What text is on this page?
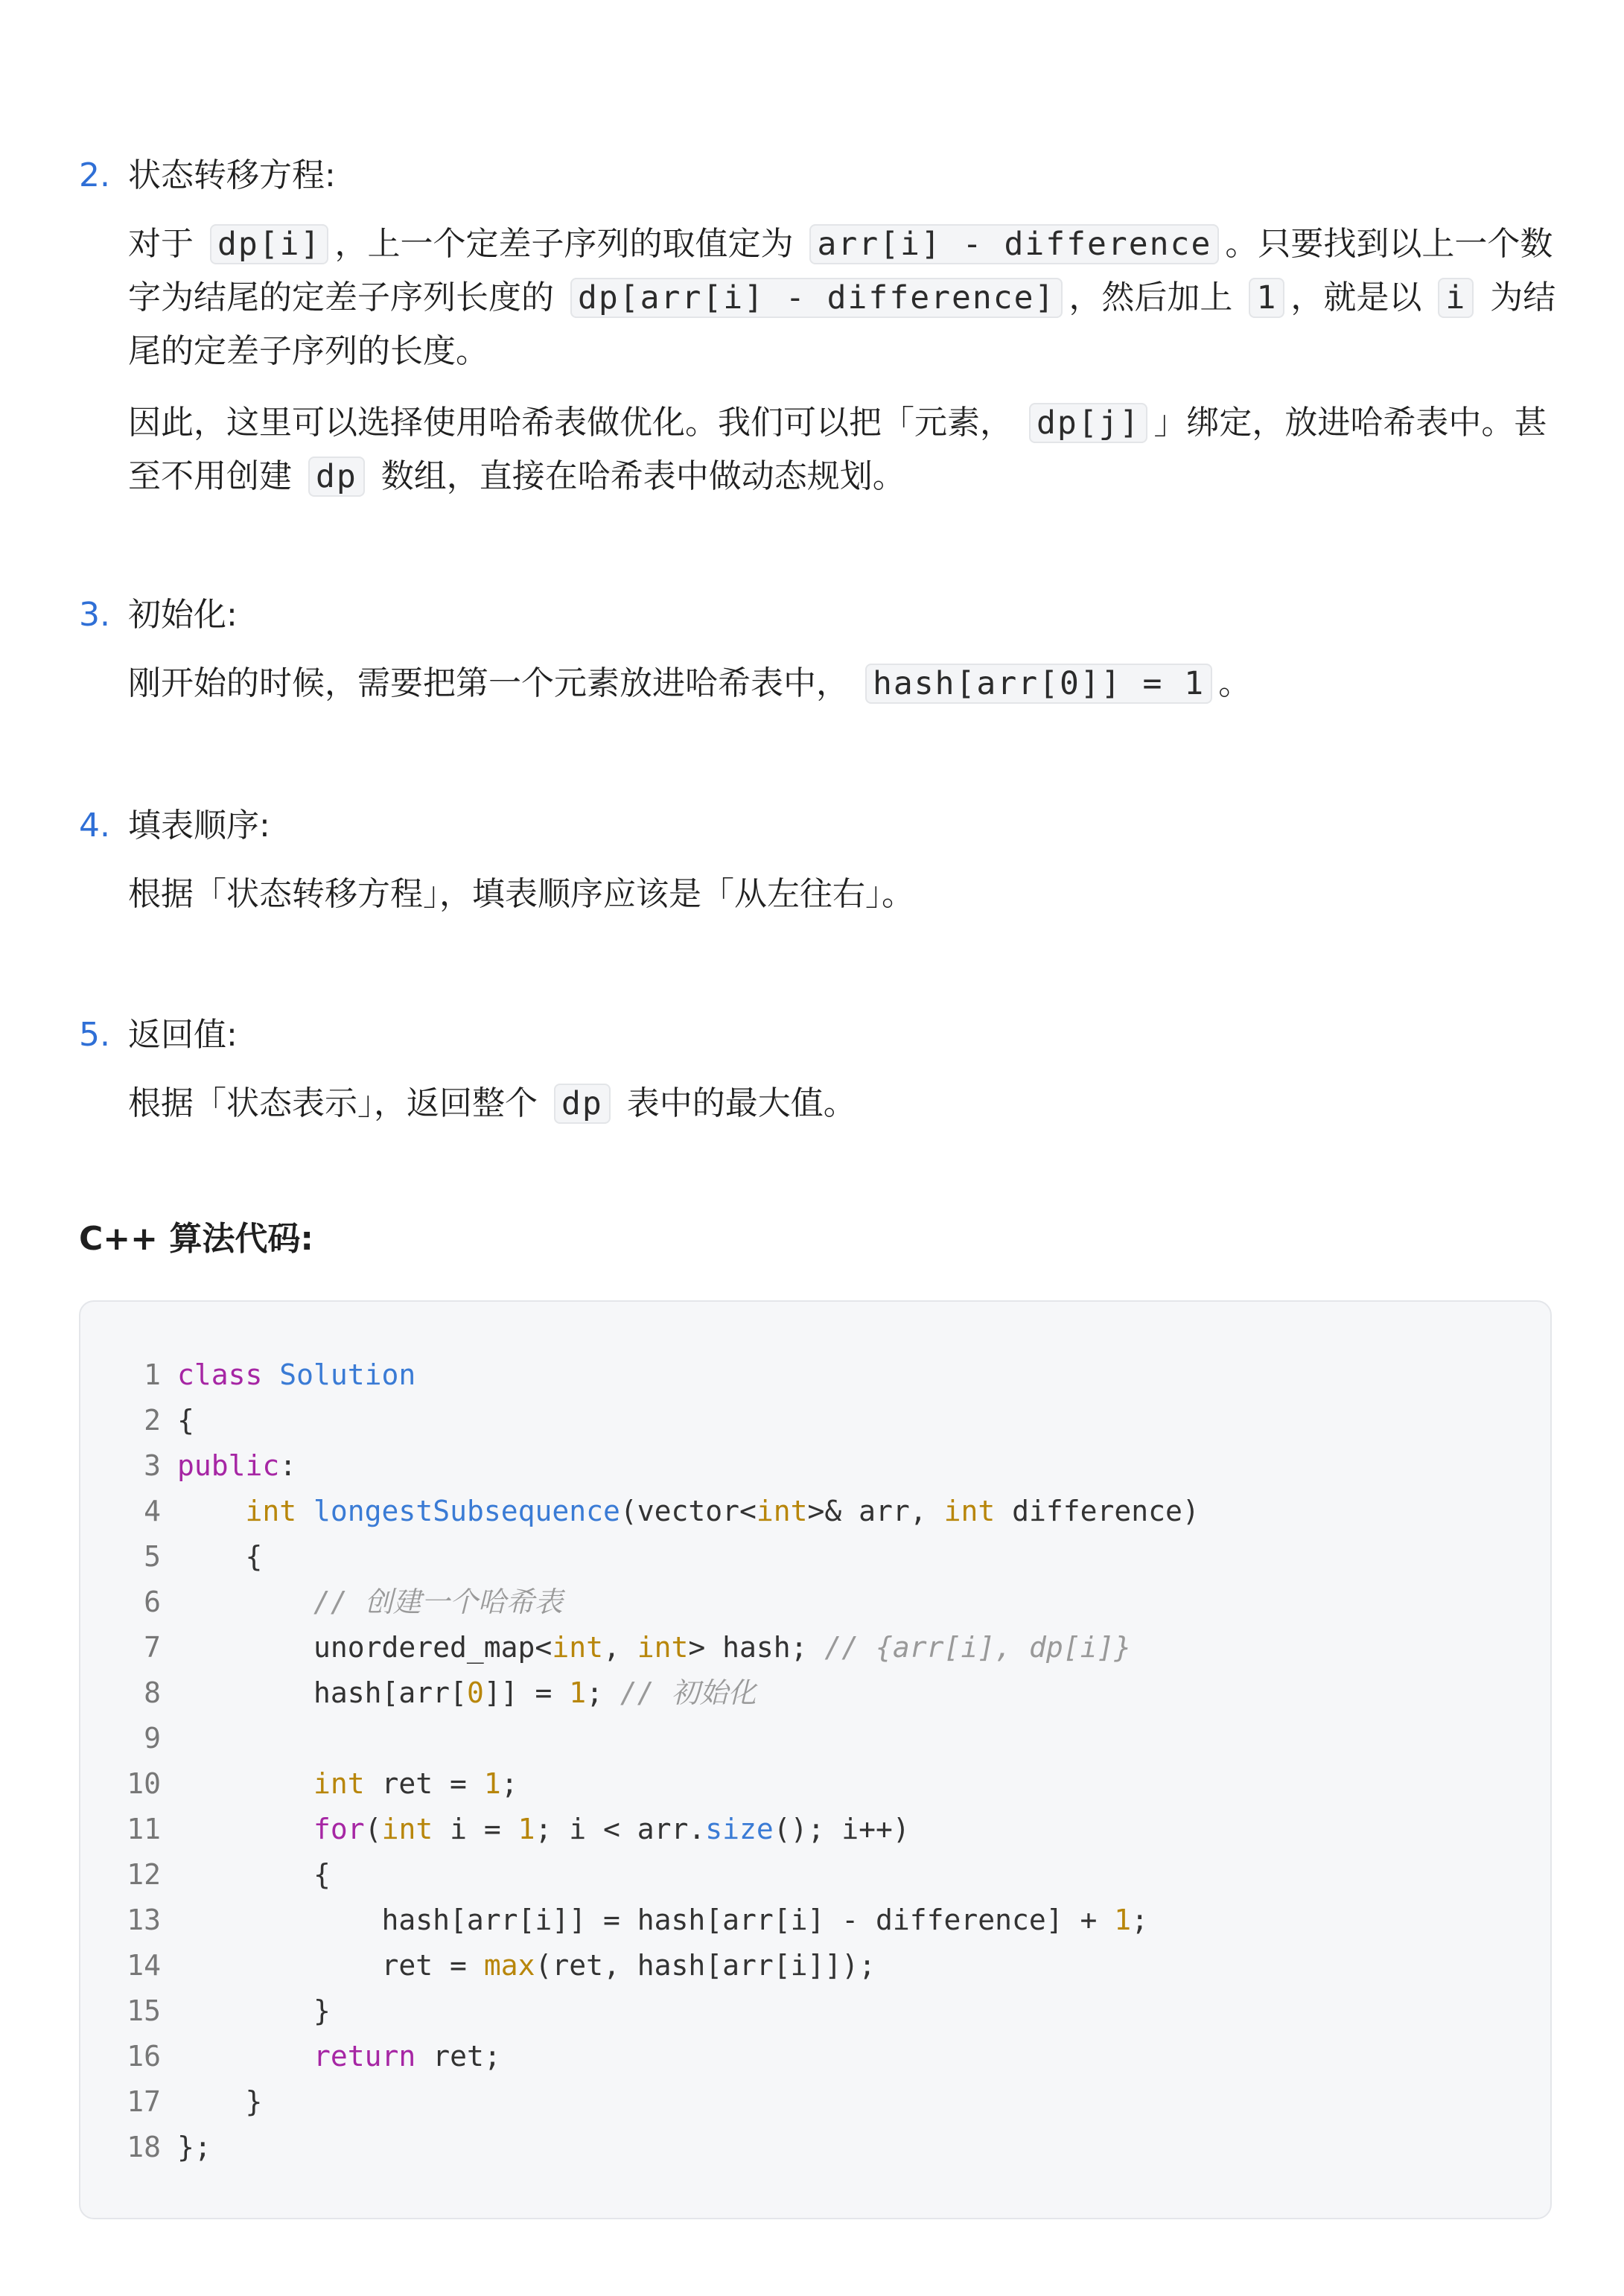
2. 状态转移方程:
对于 dp[i] ，上一个定差子序列的取值定为 arr[i] - difference 。只要找到以上一个数字为结尾的定差子序列长度的 dp[arr[i] - difference] ，然后加上 1 ，就是以 i 为结尾的定差子序列的长度。
因此，这里可以选择使用哈希表做优化。我们可以把「元素， dp[j] 」绑定，放进哈希表中。甚至不用创建 dp 数组，直接在哈希表中做动态规划。
3. 初始化:
刚开始的时候，需要把第一个元素放进哈希表中， hash[arr[0]] = 1 。
4. 填表顺序:
根据「状态转移方程」，填表顺序应该是「从左往右」。
5. 返回值:
根据「状态表示」，返回整个 dp 表中的最大值。
C++ 算法代码:
1 class Solution
2 {
3 public:
4	int longestSubsequence(vector<int>& arr, int difference)
5    {
6	// 创建一个哈希表
7        unordered_map<int, int> hash; // {arr[i], dp[i]}
8        hash[arr[0]] = 1; // 初始化
9
10	int ret = 1;
11	for(int i = 1; i < arr.size(); i++)
12        {
13            hash[arr[i]] = hash[arr[i] - difference] + 1;
14            ret = max(ret, hash[arr[i]]);
15        }
16	return ret;
17    }
18 };
